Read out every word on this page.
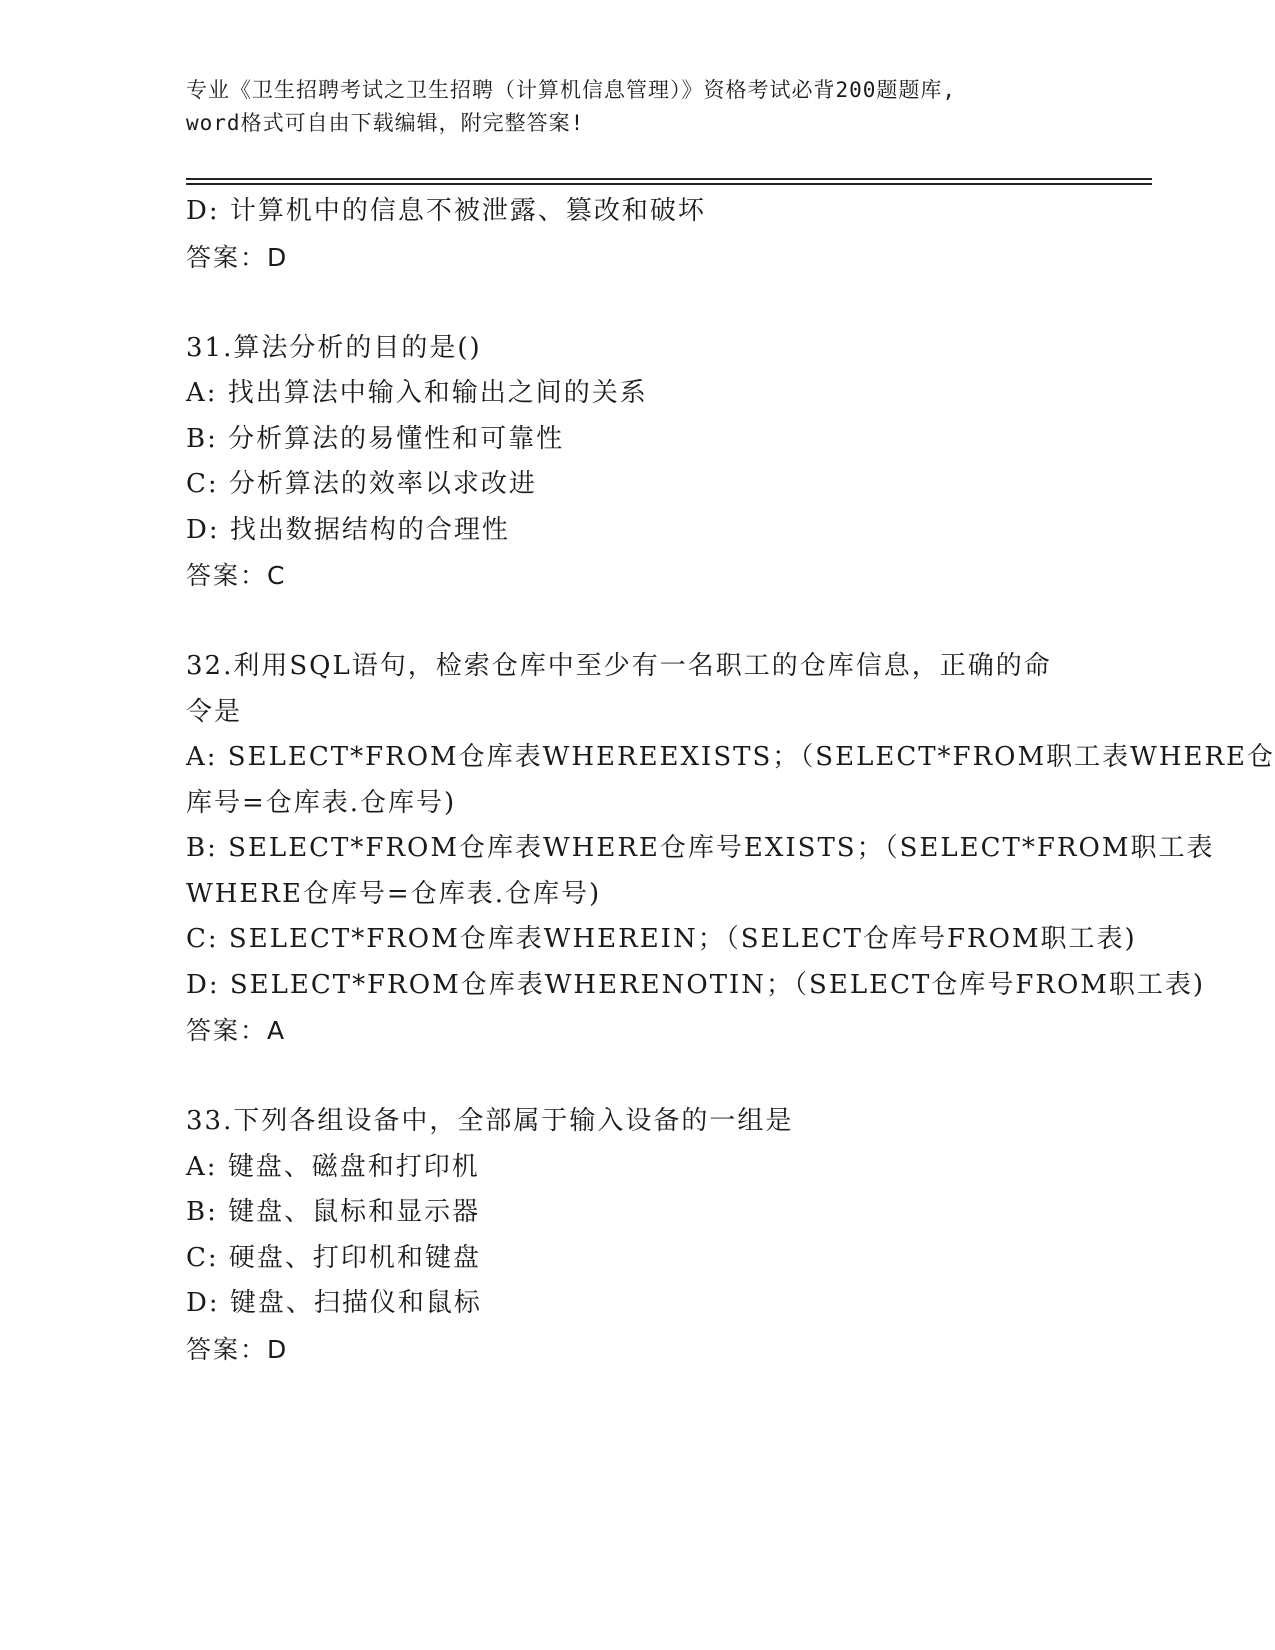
专业《卫生招聘考试之卫生招聘（计算机信息管理）》资格考试必背200题题库,
word格式可自由下载编辑，附完整答案!
D: 计算机中的信息不被泄露、篡改和破坏
答案：D
31.算法分析的目的是()
A: 找出算法中输入和输出之间的关系
B: 分析算法的易懂性和可靠性
C: 分析算法的效率以求改进
D: 找出数据结构的合理性
答案：C
32.利用SQL语句，检索仓库中至少有一名职工的仓库信息，正确的命
令是
A: SELECT*FROM仓库表WHEREEXISTS；（SELECT*FROM职工表WHERE仓
库号=仓库表.仓库号)
B: SELECT*FROM仓库表WHERE仓库号EXISTS；（SELECT*FROM职工表
WHERE仓库号=仓库表.仓库号)
C: SELECT*FROM仓库表WHEREIN；（SELECT仓库号FROM职工表)
D: SELECT*FROM仓库表WHERENOTIN；（SELECT仓库号FROM职工表)
答案：A
33.下列各组设备中，全部属于输入设备的一组是
A: 键盘、磁盘和打印机
B: 键盘、鼠标和显示器
C: 硬盘、打印机和键盘
D: 键盘、扫描仪和鼠标
答案：D
